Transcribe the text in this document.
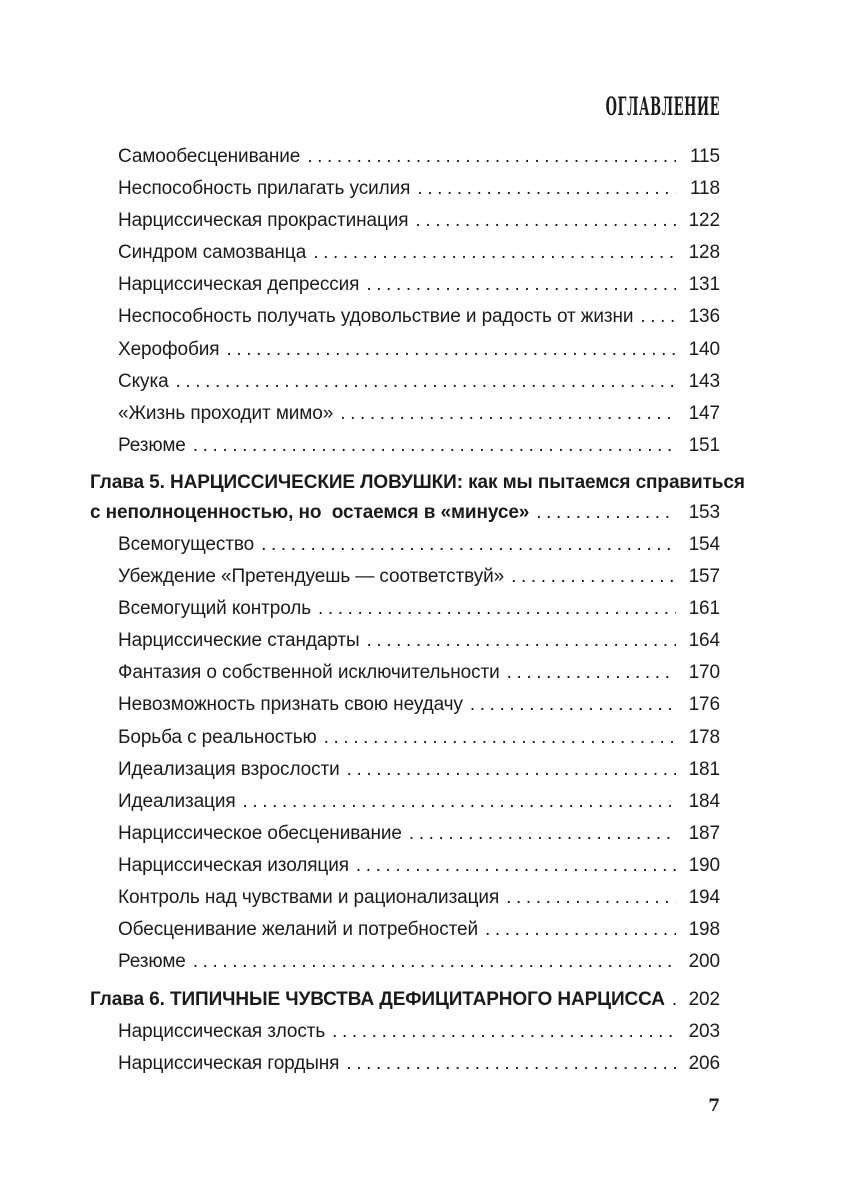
ОГЛАВЛЕНИЕ
Самообесценивание .....	115
Неспособность прилагать усилия .....	118
Нарциссическая прокрастинация .....	122
Синдром самозванца .....	128
Нарциссическая депрессия .....	131
Неспособность получать удовольствие и радость от жизни .....	136
Херофобия .....	140
Скука .....	143
«Жизнь проходит мимо» .....	147
Резюме .....	151
Глава 5. НАРЦИССИЧЕСКИЕ ЛОВУШКИ: как мы пытаемся справиться
с неполноценностью, но  остаемся в «минусе» .....	153
Всемогущество .....	154
Убеждение «Претендуешь — соответствуй» .....	157
Всемогущий контроль .....	161
Нарциссические стандарты .....	164
Фантазия о собственной исключительности .....	170
Невозможность признать свою неудачу .....	176
Борьба с реальностью .....	178
Идеализация взрослости .....	181
Идеализация .....	184
Нарциссическое обесценивание .....	187
Нарциссическая изоляция .....	190
Контроль над чувствами и рационализация .....	194
Обесценивание желаний и потребностей .....	198
Резюме .....	200
Глава 6. ТИПИЧНЫЕ ЧУВСТВА ДЕФИЦИТАРНОГО НАРЦИССА ..... 202
Нарциссическая злость .....	203
Нарциссическая гордыня .....	206
7
